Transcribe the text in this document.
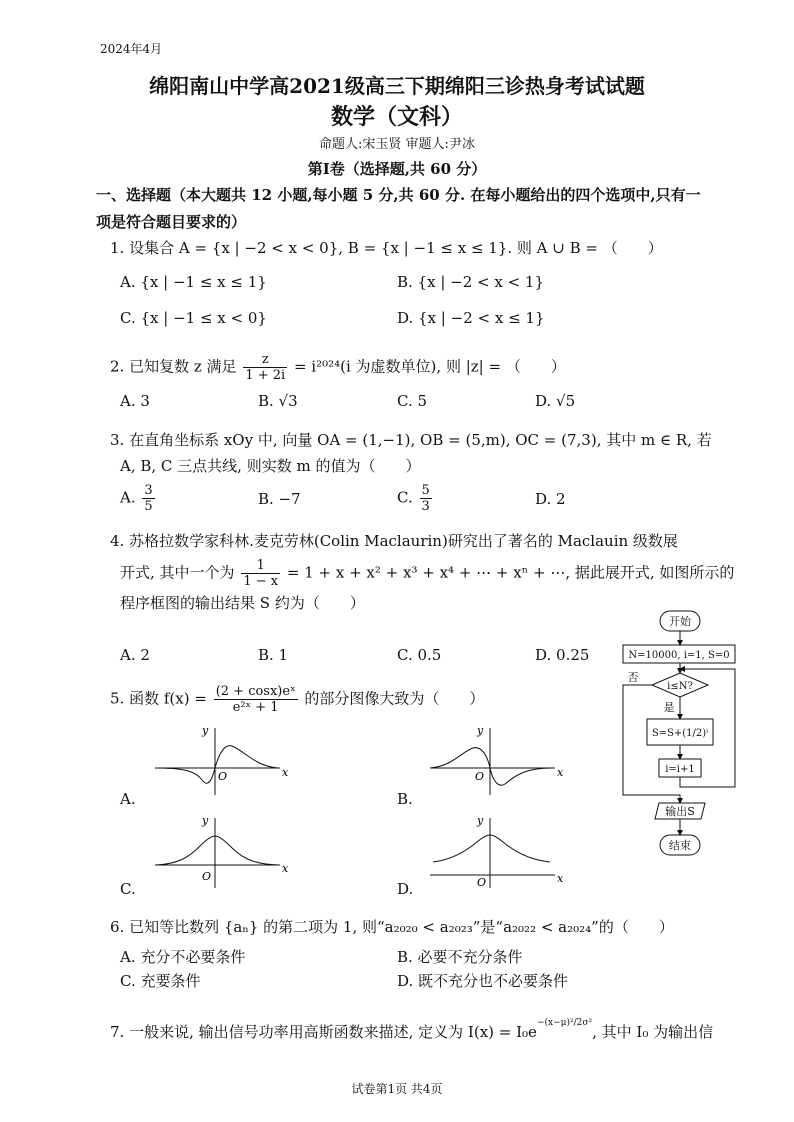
2024年4月
绵阳南山中学高2021级高三下期绵阳三诊热身考试试题
数学（文科）
命题人:宋玉贤 审题人:尹冰
第Ⅰ卷（选择题,共 60 分）
一、选择题（本大题共 12 小题,每小题 5 分,共 60 分. 在每小题给出的四个选项中,只有一项是符合题目要求的）
1. 设集合 A = {x | −2 < x < 0}, B = {x | −1 ≤ x ≤ 1}. 则 A ∪ B = （　　）
A. {x | −1 ≤ x ≤ 1}	B. {x | −2 < x < 1}
C. {x | −1 ≤ x < 0}	D. {x | −2 < x ≤ 1}
2. 已知复数 z 满足 $\frac{z}{1 + 2i} = i^{2024}(i$ 为虚数单位), 则 |z| = （　　）
A. 3	B. √3	C. 5	D. √5
3. 在直角坐标系 xOy 中, 向量 OA = (1,−1), OB = (5,m), OC = (7,3), 其中 m ∈ R, 若
A, B, C 三点共线, 则实数 m 的值为（　　）
A. $\frac{3}{5}$	B. −7	C. $\frac{5}{3}$	D. 2
4. 苏格拉数学家科林.麦克劳林(Colin Maclaurin)研究出了著名的 Maclauin 级数展
开式, 其中一个为 $\frac{1}{1 - x} = 1 + x + x^2 + x^3 + x^4$ + ⋯ + xⁿ + ⋯, 据此展开式, 如图所示的
程序框图的输出结果 S 约为（　　）
A. 2	B. 1	C. 0.5	D. 0.25
开始
N=10000, i=1, S=0
i≤N?
否
是
S=S+(1/2)ⁱ
i=i+1
输出S
结束
5. 函数 $f(x) = \frac{\text{(2 + cosx)eˣ}}{\text{e²ˣ + 1}}$ 的部分图像大致为（　　）
A.
x
y
O
B.
x
y
O
C.
x
y
O
D.
x
y
O
6. 已知等比数列 {aₙ} 的第二项为 1, 则“a₂₀₂₀ < a₂₀₂₃”是“a₂₀₂₂ < a₂₀₂₄”的（　　）
A. 充分不必要条件	B. 必要不充分条件
C. 充要条件	D. 既不充分也不必要条件
7. 一般来说, 输出信号功率用高斯函数来描述, 定义为 $I(x) = I_0e^{-(x-\mu)^2/2\sigma^2}$, 其中 I₀ 为输出信
试卷第1页 共4页
